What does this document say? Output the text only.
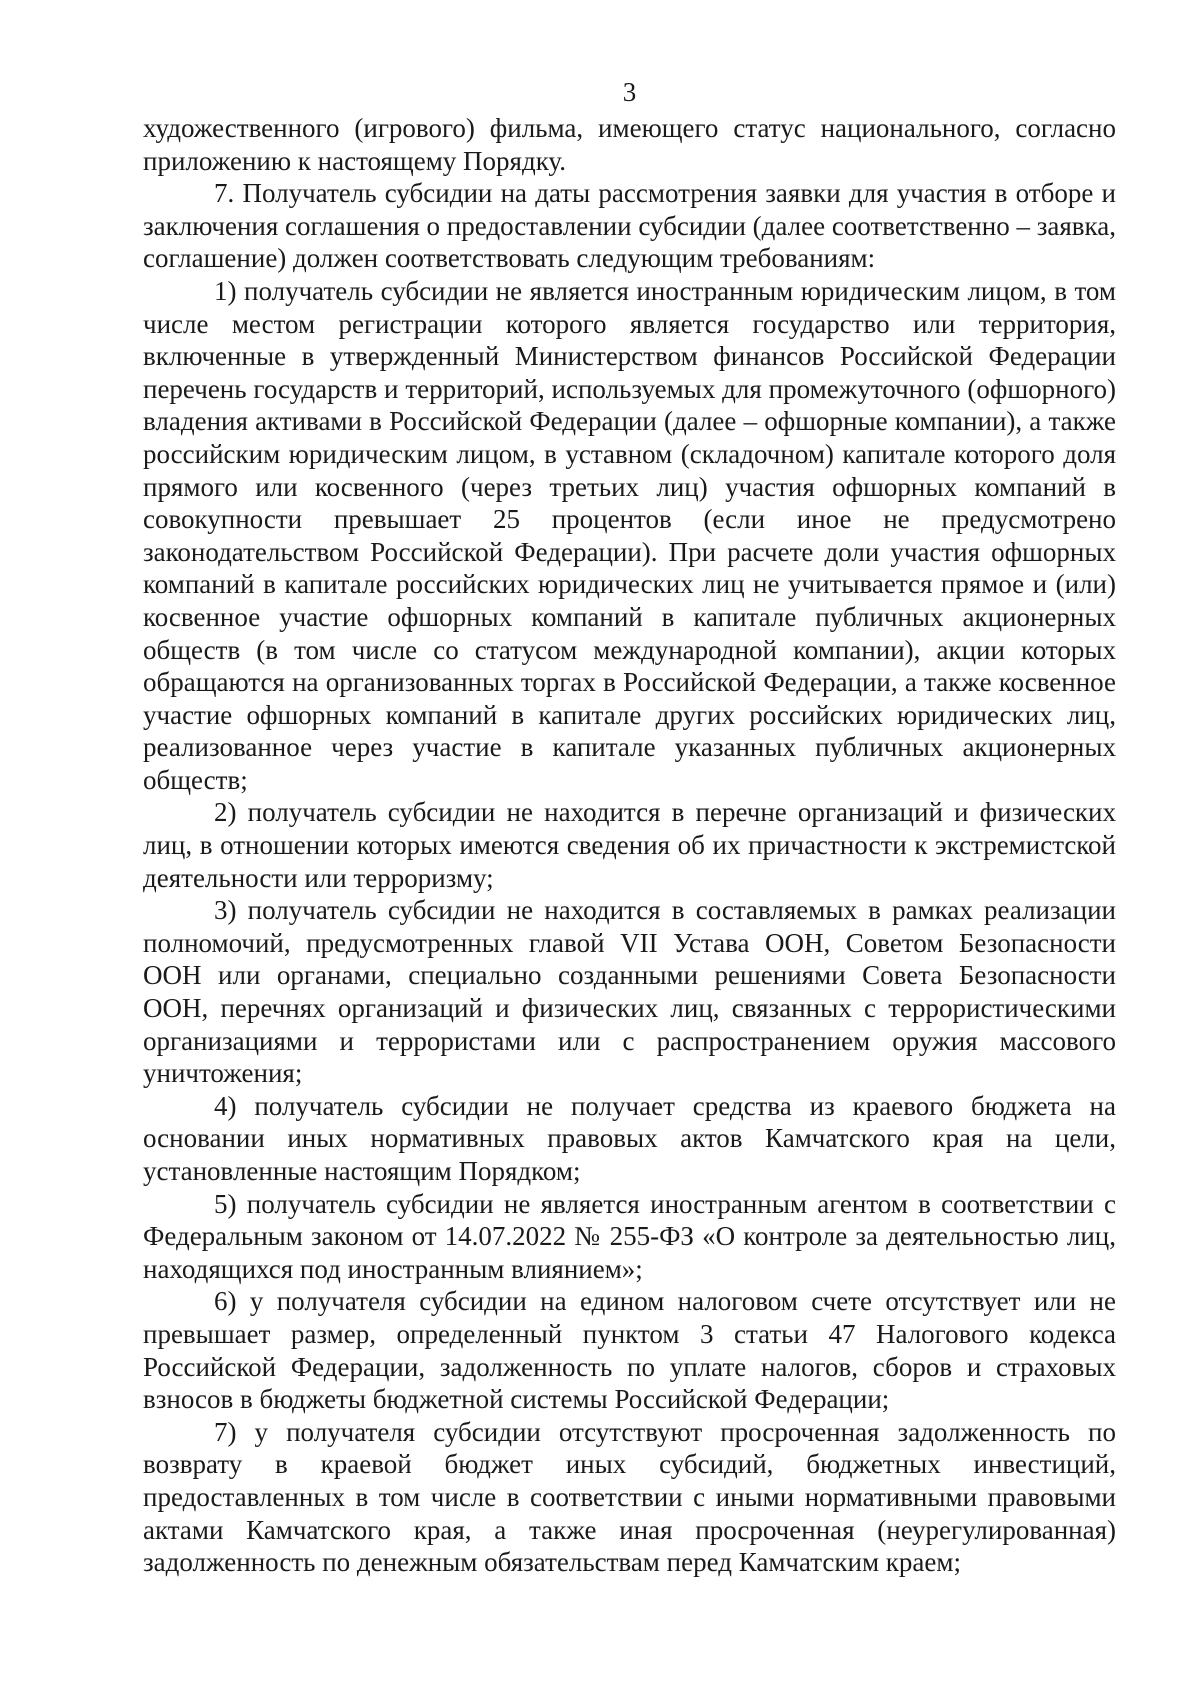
3

художественного (игрового) фильма, имеющего статус национального, согласно приложению к настоящему Порядку.

7. Получатель субсидии на даты рассмотрения заявки для участия в отборе и заключения соглашения о предоставлении субсидии (далее соответственно – заявка, соглашение) должен соответствовать следующим требованиям:

1) получатель субсидии не является иностранным юридическим лицом, в том числе местом регистрации которого является государство или территория, включенные в утвержденный Министерством финансов Российской Федерации перечень государств и территорий, используемых для промежуточного (офшорного) владения активами в Российской Федерации (далее – офшорные компании), а также российским юридическим лицом, в уставном (складочном) капитале которого доля прямого или косвенного (через третьих лиц) участия офшорных компаний в совокупности превышает 25 процентов (если иное не предусмотрено законодательством Российской Федерации). При расчете доли участия офшорных компаний в капитале российских юридических лиц не учитывается прямое и (или) косвенное участие офшорных компаний в капитале публичных акционерных обществ (в том числе со статусом международной компании), акции которых обращаются на организованных торгах в Российской Федерации, а также косвенное участие офшорных компаний в капитале других российских юридических лиц, реализованное через участие в капитале указанных публичных акционерных обществ;

2) получатель субсидии не находится в перечне организаций и физических лиц, в отношении которых имеются сведения об их причастности к экстремистской деятельности или терроризму;

3) получатель субсидии не находится в составляемых в рамках реализации полномочий, предусмотренных главой VII Устава ООН, Советом Безопасности ООН или органами, специально созданными решениями Совета Безопасности ООН, перечнях организаций и физических лиц, связанных с террористическими организациями и террористами или с распространением оружия массового уничтожения;

4) получатель субсидии не получает средства из краевого бюджета на основании иных нормативных правовых актов Камчатского края на цели, установленные настоящим Порядком;

5) получатель субсидии не является иностранным агентом в соответствии с Федеральным законом от 14.07.2022 № 255-ФЗ «О контроле за деятельностью лиц, находящихся под иностранным влиянием»;

6) у получателя субсидии на едином налоговом счете отсутствует или не превышает размер, определенный пунктом 3 статьи 47 Налогового кодекса Российской Федерации, задолженность по уплате налогов, сборов и страховых взносов в бюджеты бюджетной системы Российской Федерации;

7) у получателя субсидии отсутствуют просроченная задолженность по возврату в краевой бюджет иных субсидий, бюджетных инвестиций, предоставленных в том числе в соответствии с иными нормативными правовыми актами Камчатского края, а также иная просроченная (неурегулированная) задолженность по денежным обязательствам перед Камчатским краем;
